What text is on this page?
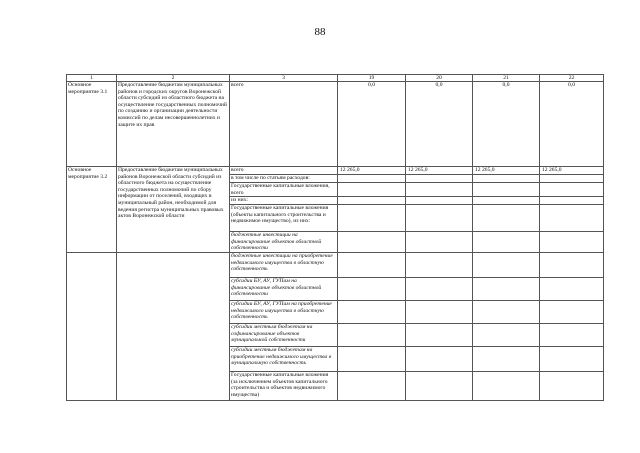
88
1	2	3	19	20	21	22
Основное мероприятие 3.1	Предоставление бюджетам муниципальных районов и городских округов Воронежской области субсидий из областного бюджета на осуществление государственных полномочий по созданию и организации деятельности комиссий по делам несовершеннолетних и защите их прав	всего	0,0	0,0	0,0	0,0
Основное мероприятие 3.2	Предоставление бюджетам муниципальных районов Воронежской области субсидий из областного бюджета на осуществление государственных полномочий по сбору информации от поселений, входящих в муниципальный район, необходимой для ведения регистра муниципальных правовых актов Воронежской области	всего	12 265,0	12 265,0	12 265,0	12 265,0
		в том числе по статьям расходов:				
		Государственные капитальные вложения, всего				
		из них:				
		Государственные капитальные вложения (объекты капитального строительства и недвижимое имущество), из них:				
		бюджетные инвестиции на финансирование объектов областной собственности				
		бюджетные инвестиции на приобретение недвижимого имущества в областную собственность				
		субсидии БУ, АУ, ГУПам на финансирование объектов областной собственности				
		субсидии БУ, АУ, ГУПам на приобретение недвижимого имущества в областную собственность				
		субсидии местным бюджетам на софинансирование объектов муниципальной собственности				
		субсидии местным бюджетам на приобретение недвижимого имущества в муниципальную собственность				
		Государственные капитальные вложения (за исключением объектов капитального строительства и объектов недвижимого имущества)				
